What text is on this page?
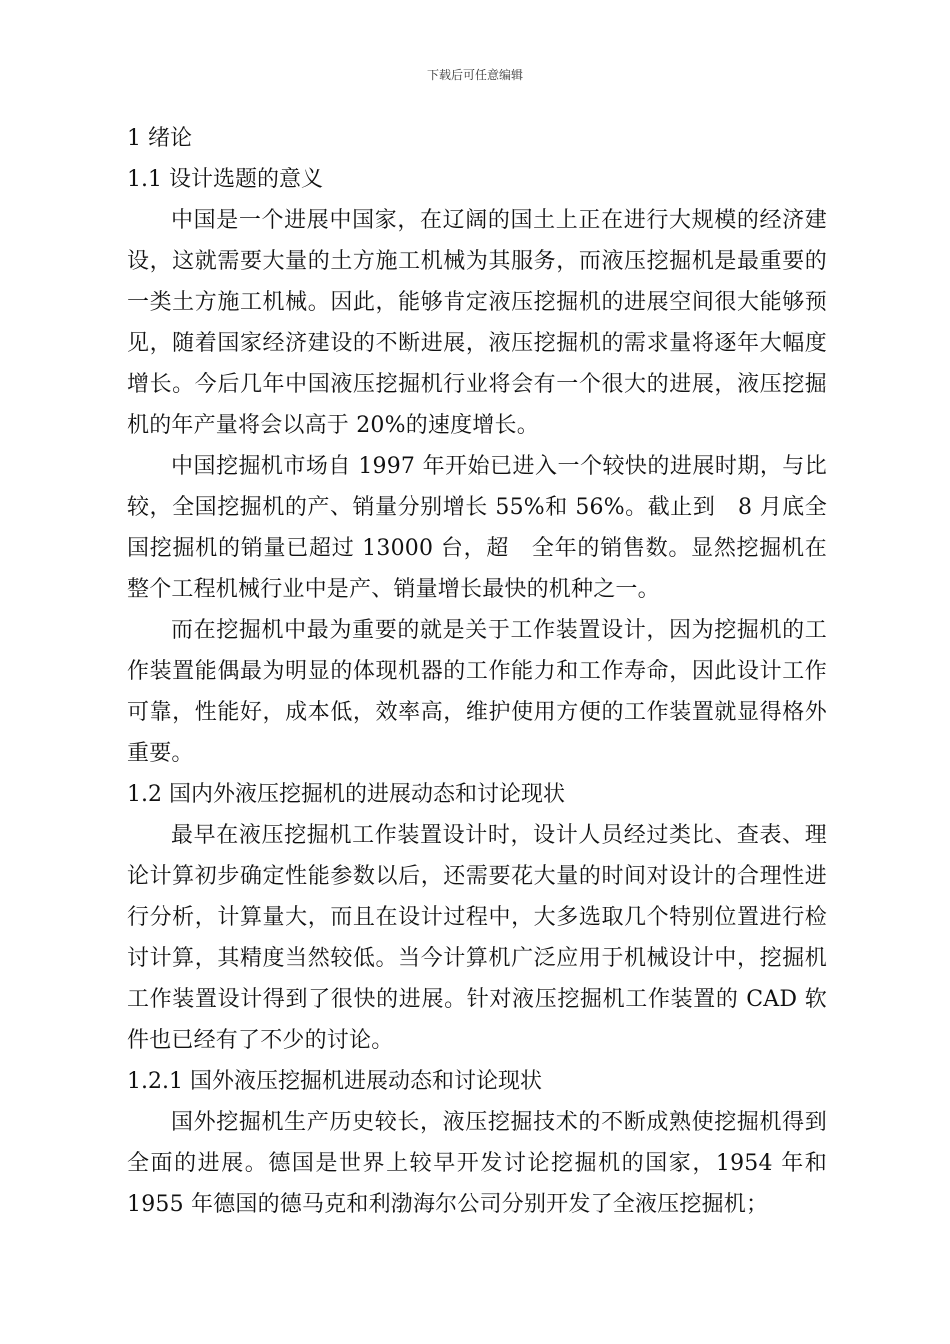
下载后可任意编辑
1 绪论
1.1 设计选题的意义

中国是一个进展中国家，在辽阔的国土上正在进行大规模的经济建设，这就需要大量的土方施工机械为其服务，而液压挖掘机是最重要的一类土方施工机械。因此，能够肯定液压挖掘机的进展空间很大能够预见，随着国家经济建设的不断进展，液压挖掘机的需求量将逐年大幅度增长。今后几年中国液压挖掘机行业将会有一个很大的进展，液压挖掘机的年产量将会以高于 20%的速度增长。

中国挖掘机市场自 1997 年开始已进入一个较快的进展时期，与比较，全国挖掘机的产、销量分别增长 55%和 56%。截止到　8 月底全国挖掘机的销量已超过 13000 台，超　全年的销售数。显然挖掘机在整个工程机械行业中是产、销量增长最快的机种之一。

而在挖掘机中最为重要的就是关于工作装置设计，因为挖掘机的工作装置能偶最为明显的体现机器的工作能力和工作寿命，因此设计工作可靠，性能好，成本低，效率高，维护使用方便的工作装置就显得格外重要。

1.2 国内外液压挖掘机的进展动态和讨论现状

最早在液压挖掘机工作装置设计时，设计人员经过类比、查表、理论计算初步确定性能参数以后，还需要花大量的时间对设计的合理性进行分析，计算量大，而且在设计过程中，大多选取几个特别位置进行检讨计算，其精度当然较低。当今计算机广泛应用于机械设计中，挖掘机工作装置设计得到了很快的进展。针对液压挖掘机工作装置的 CAD 软件也已经有了不少的讨论。

1.2.1 国外液压挖掘机进展动态和讨论现状

国外挖掘机生产历史较长，液压挖掘技术的不断成熟使挖掘机得到全面的进展。德国是世界上较早开发讨论挖掘机的国家，1954 年和 1955 年德国的德马克和利渤海尔公司分别开发了全液压挖掘机；
